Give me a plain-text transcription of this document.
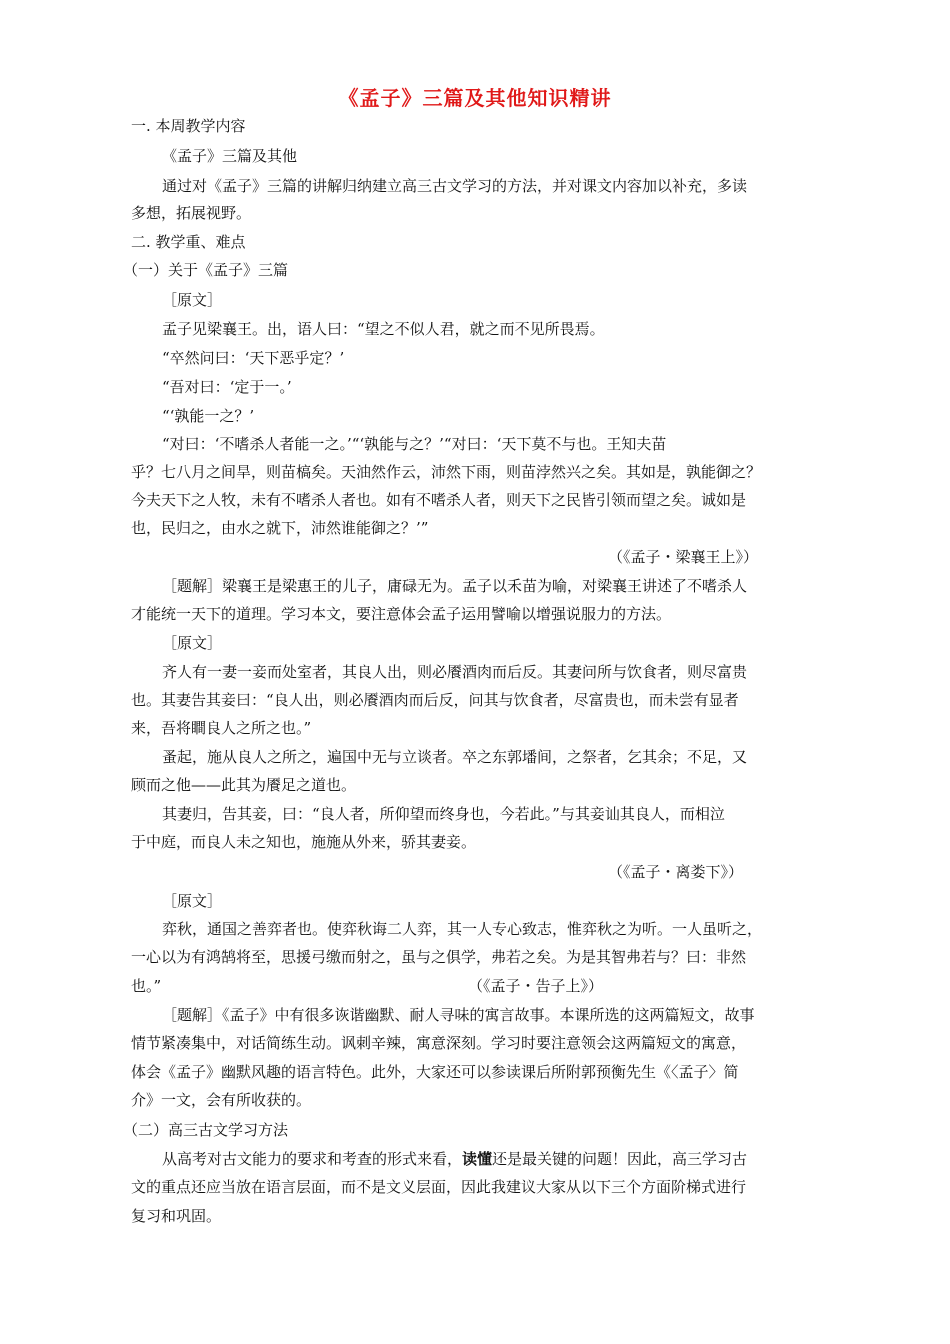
《孟子》三篇及其他知识精讲
一. 本周教学内容
《孟子》三篇及其他
通过对《孟子》三篇的讲解归纳建立高三古文学习的方法，并对课文内容加以补充，多读
多想，拓展视野。
二. 教学重、难点
（一）关于《孟子》三篇
［原文］
孟子见梁襄王。出，语人曰：“望之不似人君，就之而不见所畏焉。
“卒然问曰：‘天下恶乎定？’
“吾对曰：‘定于一。’
“‘孰能一之？’
“对曰：‘不嗜杀人者能一之。’“‘孰能与之？’“对曰：‘天下莫不与也。王知夫苗
乎？七八月之间旱，则苗槁矣。天油然作云，沛然下雨，则苗浡然兴之矣。其如是，孰能御之？
今夫天下之人牧，未有不嗜杀人者也。如有不嗜杀人者，则天下之民皆引领而望之矣。诚如是
也，民归之，由水之就下，沛然谁能御之？’”
（《孟子・梁襄王上》）
［题解］梁襄王是梁惠王的儿子，庸碌无为。孟子以禾苗为喻，对梁襄王讲述了不嗜杀人
才能统一天下的道理。学习本文，要注意体会孟子运用譬喻以增强说服力的方法。
［原文］
齐人有一妻一妾而处室者，其良人出，则必餍酒肉而后反。其妻问所与饮食者，则尽富贵
也。其妻告其妾曰：“良人出，则必餍酒肉而后反，问其与饮食者，尽富贵也，而未尝有显者
来，吾将瞷良人之所之也。”
蚤起，施从良人之所之，遍国中无与立谈者。卒之东郭墦间，之祭者，乞其余；不足，又
顾而之他——此其为餍足之道也。
其妻归，告其妾，曰：“良人者，所仰望而终身也，今若此。”与其妾讪其良人，而相泣
于中庭，而良人未之知也，施施从外来，骄其妻妾。
（《孟子・离娄下》）
［原文］
弈秋，通国之善弈者也。使弈秋诲二人弈，其一人专心致志，惟弈秋之为听。一人虽听之，
一心以为有鸿鹄将至，思援弓缴而射之，虽与之俱学，弗若之矣。为是其智弗若与？曰：非然
也。”	（《孟子・告子上》）
［题解］《孟子》中有很多诙谐幽默、耐人寻味的寓言故事。本课所选的这两篇短文，故事
情节紧凑集中，对话简练生动。讽刺辛辣，寓意深刻。学习时要注意领会这两篇短文的寓意，
体会《孟子》幽默风趣的语言特色。此外，大家还可以参读课后所附郭预衡先生《〈孟子〉简
介》一文，会有所收获的。
（二）高三古文学习方法
从高考对古文能力的要求和考查的形式来看，读懂还是最关键的问题！因此，高三学习古
文的重点还应当放在语言层面，而不是文义层面，因此我建议大家从以下三个方面阶梯式进行
复习和巩固。
